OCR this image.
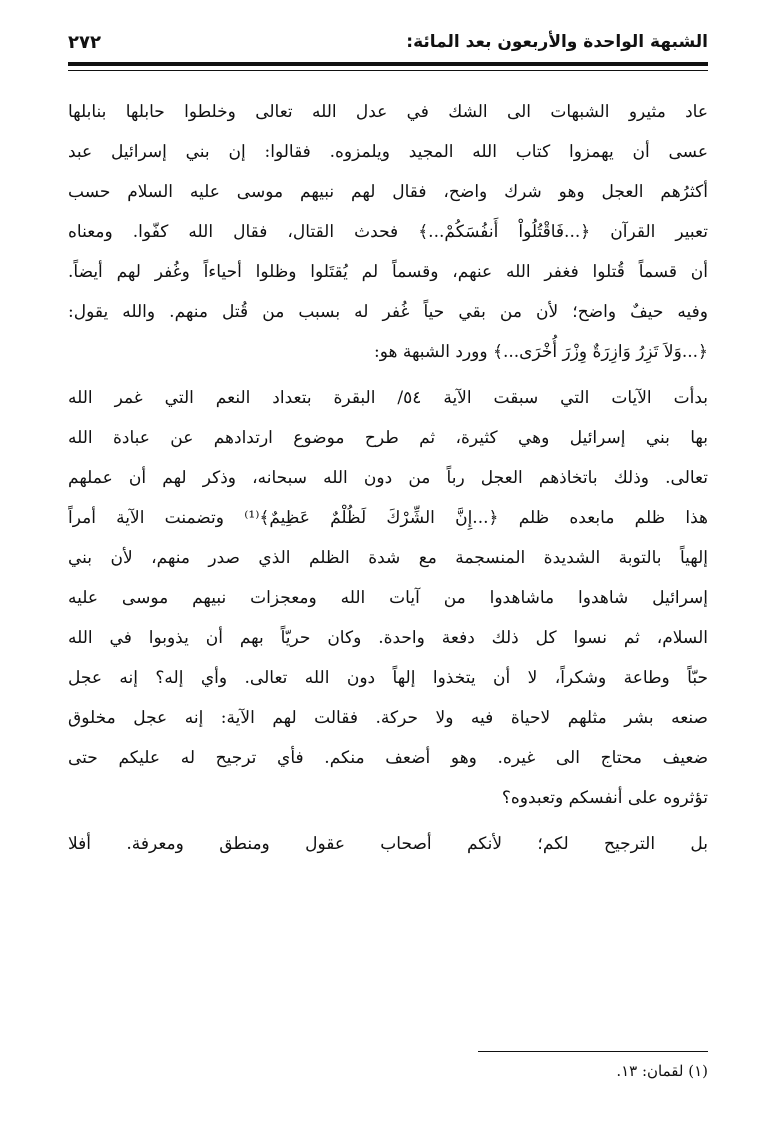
الشبهة الواحدة والأربعون بعد المائة:
٢٧٢
عاد مثيرو الشبهات الى الشك في عدل الله تعالى وخلطوا حابلها بنابلها
عسى أن يهمزوا كتاب الله المجيد ويلمزوه. فقالوا: إن بني إسرائيل عبد
أكثرُهم العجل وهو شرك واضح، فقال لهم نبيهم موسى عليه السلام حسب
تعبير القرآن ﴿...فَاقْتُلُواْ أَنفُسَكُمْ...﴾ فحدث القتال، فقال الله كفّوا. ومعناه
أن قسماً قُتلوا فغفر الله عنهم، وقسماً لم يُقتَلوا وظلوا أحياءاً وغُفر لهم أيضاً.
وفيه حيفٌ واضح؛ لأن من بقي حياً غُفر له بسبب من قُتل منهم. والله يقول:
﴿...وَلاَ تَزِرُ وَازِرَةٌ وِزْرَ أُخْرَى...﴾ وورد الشبهة هو:
بدأت الآيات التي سبقت الآية ٥٤/ البقرة بتعداد النعم التي غمر الله
بها بني إسرائيل وهي كثيرة، ثم طرح موضوع ارتدادهم عن عبادة الله
تعالى. وذلك باتخاذهم العجل رباً من دون الله سبحانه، وذكر لهم أن عملهم
هذا ظلم مابعده ظلم ﴿...إِنَّ الشِّرْكَ لَظُلْمٌ عَظِيمٌ﴾⁽¹⁾ وتضمنت الآية أمراً
إلهياً بالتوبة الشديدة المنسجمة مع شدة الظلم الذي صدر منهم، لأن بني
إسرائيل شاهدوا ماشاهدوا من آيات الله ومعجزات نبيهم موسى عليه
السلام، ثم نسوا كل ذلك دفعة واحدة. وكان حريّاً بهم أن يذوبوا في الله
حبّاً وطاعة وشكراً، لا أن يتخذوا إلهاً دون الله تعالى. وأي إله؟ إنه عجل
صنعه بشر مثلهم لاحياة فيه ولا حركة. فقالت لهم الآية: إنه عجل مخلوق
ضعيف محتاج الى غيره. وهو أضعف منكم. فأي ترجيح له عليكم حتى
تؤثروه على أنفسكم وتعبدوه؟
بل الترجيح لكم؛ لأنكم أصحاب عقول ومنطق ومعرفة. أفلا
(١) لقمان: ١٣.
